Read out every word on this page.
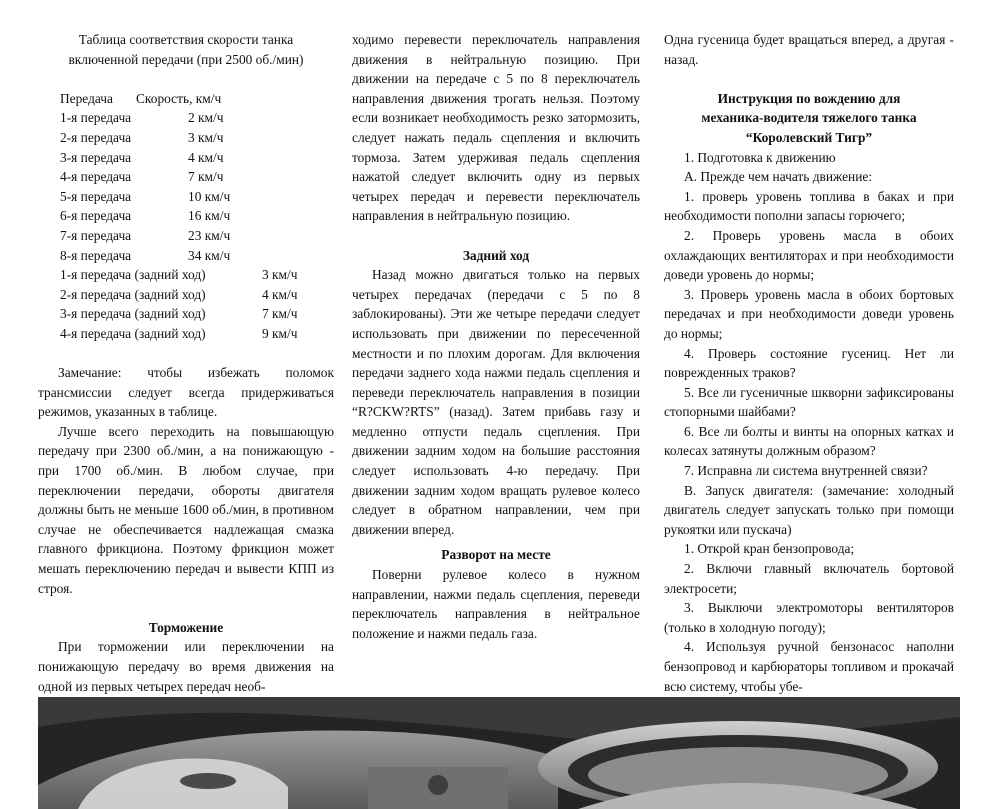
Таблица соответствия скорости танка
включенной передачи (при 2500 об./мин)
Передача	Скорость, км/ч
1-я передача	2 км/ч
2-я передача	3 км/ч
3-я передача	4 км/ч
4-я передача	7 км/ч
5-я передача	10 км/ч
6-я передача	16 км/ч
7-я передача	23 км/ч
8-я передача	34 км/ч
1-я передача (задний ход)	3 км/ч
2-я передача (задний ход)	4 км/ч
3-я передача (задний ход)	7 км/ч
4-я передача (задний ход)	9 км/ч

Замечание: чтобы избежать поломок трансмиссии следует всегда придерживаться режимов, указанных в таблице.

Лучше всего переходить на повышающую передачу при 2300 об./мин, а на понижающую - при 1700 об./мин. В любом случае, при переключении передачи, обороты двигателя должны быть не меньше 1600 об./мин, в противном случае не обеспечивается надлежащая смазка главного фрикциона. Поэтому фрикцион может мешать переключению передач и вывести КПП из строя.

Торможение

При торможении или переключении на понижающую передачу во время движения на одной из первых четырех передач необ-

ходимо перевести переключатель направления движения в нейтральную позицию. При движении на передаче с 5 по 8 переключатель направления движения трогать нельзя. Поэтому если возникает необходимость резко затормозить, следует нажать педаль сцепления и включить тормоза. Затем удерживая педаль сцепления нажатой следует включить одну из первых четырех передач и перевести переключатель направления в нейтральную позицию.

Задний ход

Назад можно двигаться только на первых четырех передачах (передачи с 5 по 8 заблокированы). Эти же четыре передачи следует использовать при движении по пересеченной местности и по плохим дорогам. Для включения передачи заднего хода нажми педаль сцепления и переведи переключатель направления в позиции “R?CKW?RTS” (назад). Затем прибавь газу и медленно отпусти педаль сцепления. При движении задним ходом на большие расстояния следует использовать 4-ю передачу. При движении задним ходом вращать рулевое колесо следует в обратном направлении, чем при движении вперед.

Разворот на месте

Поверни рулевое колесо в нужном направлении, нажми педаль сцепления, переведи переключатель направления в нейтральное положение и нажми педаль газа.

Одна гусеница будет вращаться вперед, а другая - назад.

Инструкция по вождению для
механика-водителя тяжелого танка
“Королевский Тигр”

1. Подготовка к движению

А. Прежде чем начать движение:

1. проверь уровень топлива в баках и при необходимости пополни запасы горючего;

2. Проверь уровень масла в обоих охлаждающих вентиляторах и при необходимости доведи уровень до нормы;

3. Проверь уровень масла в обоих бортовых передачах и при необходимости доведи уровень до нормы;

4. Проверь состояние гусениц. Нет ли поврежденных траков?

5. Все ли гусеничные шкворни зафиксированы стопорными шайбами?

6. Все ли болты и винты на опорных катках и колесах затянуты должным образом?

7. Исправна ли система внутренней связи?

В. Запуск двигателя: (замечание: холодный двигатель следует запускать только при помощи рукоятки или пускача)

1. Открой кран бензопровода;

2. Включи главный включатель бортовой электросети;

3. Выключи электромоторы вентиляторов (только в холодную погоду);

4. Используя ручной бензонасос наполни бензопровод и карбюраторы топливом и прокачай всю систему, чтобы убе-
